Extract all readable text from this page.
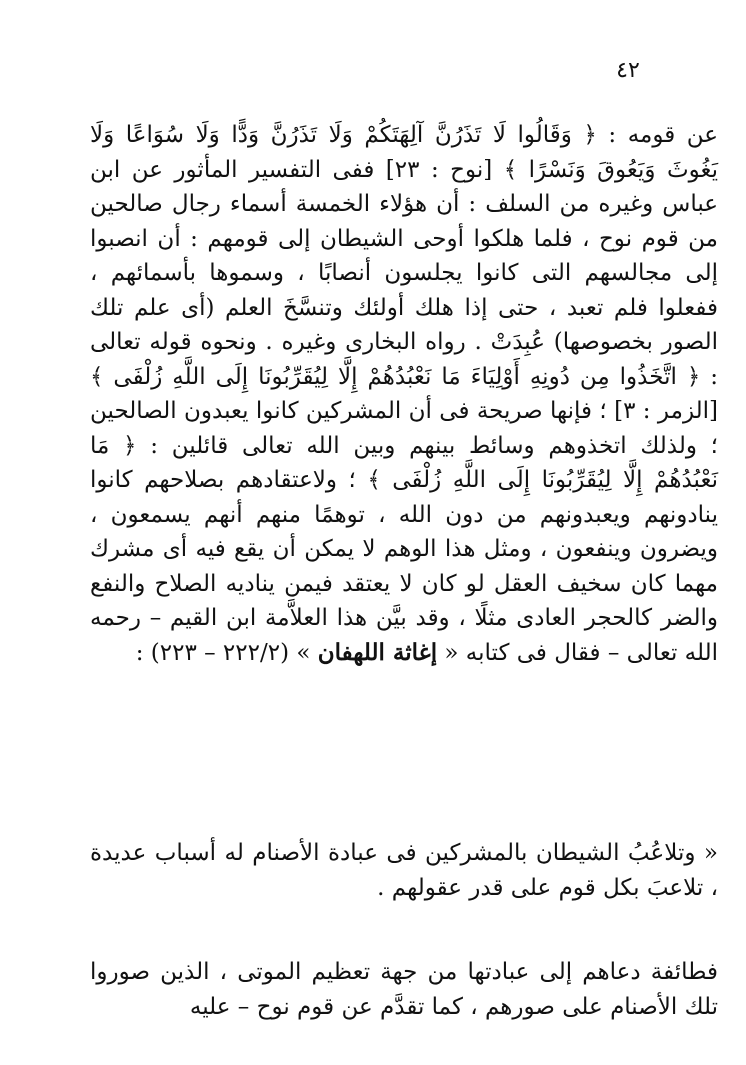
٤٢

عن قومه : ﴿ وَقَالُوا لَا تَذَرُنَّ آلِهَتَكُمْ وَلَا تَذَرُنَّ وَدًّا وَلَا سُوَاعًا وَلَا يَغُوثَ وَيَعُوقَ وَنَسْرًا ﴾ [نوح : ٢٣] ففى التفسير المأثور عن ابن عباس وغيره من السلف : أن هؤلاء الخمسة أسماء رجال صالحين من قوم نوح ، فلما هلكوا أوحى الشيطان إلى قومهم : أن انصبوا إلى مجالسهم التى كانوا يجلسون أنصابًا ، وسموها بأسمائهم ، ففعلوا فلم تعبد ، حتى إذا هلك أولئك وتنسَّخَ العلم (أى علم تلك الصور بخصوصها) عُبِدَتْ . رواه البخارى وغيره . ونحوه قوله تعالى : ﴿ اتَّخَذُوا مِن دُونِهِ أَوْلِيَاءَ مَا نَعْبُدُهُمْ إِلَّا لِيُقَرِّبُونَا إِلَى اللَّهِ زُلْفَى ﴾ [الزمر : ٣] ؛ فإنها صريحة فى أن المشركين كانوا يعبدون الصالحين ؛ ولذلك اتخذوهم وسائط بينهم وبين الله تعالى قائلين : ﴿ مَا نَعْبُدُهُمْ إِلَّا لِيُقَرِّبُونَا إِلَى اللَّهِ زُلْفَى ﴾ ؛ ولاعتقادهم بصلاحهم كانوا ينادونهم ويعبدونهم من دون الله ، توهمًا منهم أنهم يسمعون ، ويضرون وينفعون ، ومثل هذا الوهم لا يمكن أن يقع فيه أى مشرك مهما كان سخيف العقل لو كان لا يعتقد فيمن يناديه الصلاح والنفع والضر كالحجر العادى مثلًا ، وقد بيَّن هذا العلاَّمة ابن القيم – رحمه الله تعالى – فقال فى كتابه « إغاثة اللهفان » (٢٢٢/٢ – ٢٢٣) :

« وتلاعُبُ الشيطان بالمشركين فى عبادة الأصنام له أسباب عديدة ، تلاعبَ بكل قوم على قدر عقولهم .

فطائفة دعاهم إلى عبادتها من جهة تعظيم الموتى ، الذين صوروا تلك الأصنام على صورهم ، كما تقدَّم عن قوم نوح – عليه
